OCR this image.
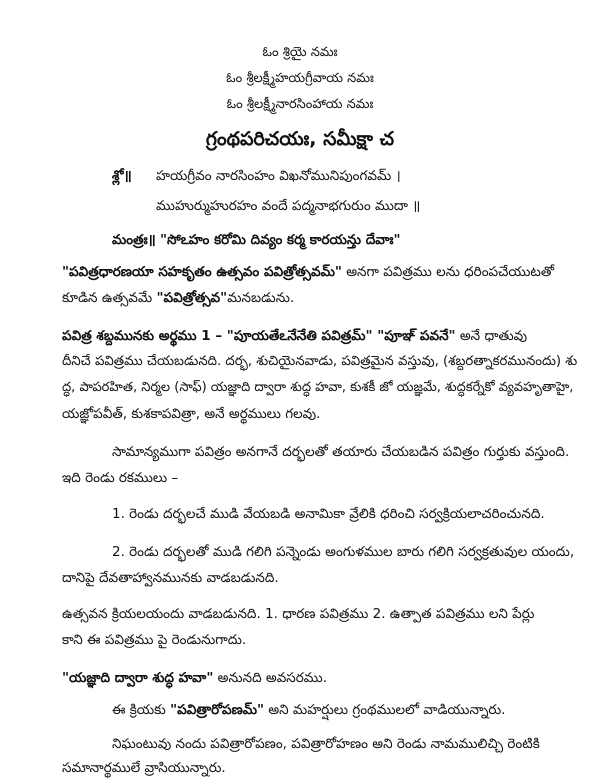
ఓం శ్రియై నమః
ఓం శ్రీలక్ష్మీహయగ్రీవాయ నమః
ఓం శ్రీలక్ష్మీనారసింహాయ నమః
గ్రంథపరిచయః, సమీక్షా చ
శ్లో॥ హయగ్రీవం నారసింహం విఖనోమునిపుంగవమ్ ।
ముహుర్ముహురహం వందే పద్మనాభగురుం ముదా ॥
మంత్రః॥ "సోఽహం కరోమి దివ్యం కర్మ కారయన్తు దేవాః"
"పవిత్రధారణయా సహకృతం ఉత్సవం పవిత్రోత్సవమ్" అనగా పవిత్రము లను ధరింపచేయుటతో
కూడిన ఉత్సవమే "పవిత్రోత్సవ"మనబడును.
పవిత్ర శబ్దమునకు అర్థము 1 – "పూయతేఽనేనేతి పవిత్రమ్" "పూఞ్ పవనే" అనే ధాతువు
దీనిచే పవిత్రము చేయబడునది. దర్భ, శుచియైనవాడు, పవిత్రమైన వస్తువు, (శబ్దరత్నాకరమునందు) శు
ద్ధ, పాపరహిత, నిర్మల (సాఫ్) యజ్ఞాది ద్వారా శుద్ధ హవా, కుశకీ జో యజ్ఞమే, శుద్ధకర్నేకో వ్యవహృతాహై,
యజ్ఞోపవీత్, కుశకాపవిత్రా, అనే అర్థములు గలవు.
సామాన్యముగా పవిత్రం అనగానే దర్భలతో తయారు చేయబడిన పవిత్రం గుర్తుకు వస్తుంది.
ఇది రెండు రకములు –
1. రెండు దర్భలచే ముడి వేయబడి అనామికా వ్రేలికి ధరించి సర్వక్రియలాచరించునది.
2. రెండు దర్భలతో ముడి గలిగి పన్నెండు అంగుళముల బారు గలిగి సర్వక్రతువుల యందు,
దానిపై దేవతాహ్వానమునకు వాడబడునది.
ఉత్సవన క్రియలయందు వాడబడునది. 1. ధారణ పవిత్రము 2. ఉత్పాత పవిత్రము లని పేర్లు
కాని ఈ పవిత్రము పై రెండునుగాదు.
"యజ్ఞాది ద్వారా శుద్ధ హవా" అనునది అవసరము.
ఈ క్రియకు "పవిత్రారోపణమ్" అని మహర్షులు గ్రంథములలో వాడియున్నారు.
నిఘంటువు నందు పవిత్రారోపణం, పవిత్రారోహణం అని రెండు నామములిచ్చి రెంటికి
సమానార్థములే వ్రాసియున్నారు.
